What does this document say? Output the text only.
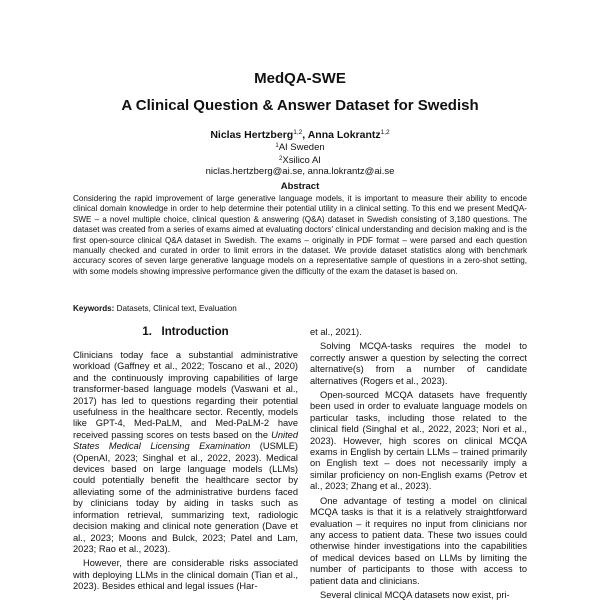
MedQA-SWE
A Clinical Question & Answer Dataset for Swedish
Niclas Hertzberg$^{1,2}$, Anna Lokrantz$^{1,2}$
$^1$AI Sweden
$^2$Xsilico AI
niclas.hertzberg@ai.se, anna.lokrantz@ai.se
Abstract
Considering the rapid improvement of large generative language models, it is important to measure their ability to encode clinical domain knowledge in order to help determine their potential utility in a clinical setting. To this end we present MedQA-SWE – a novel multiple choice, clinical question & answering (Q&A) dataset in Swedish consisting of 3,180 questions. The dataset was created from a series of exams aimed at evaluating doctors' clinical understanding and decision making and is the first open-source clinical Q&A dataset in Swedish. The exams – originally in PDF format – were parsed and each question manually checked and curated in order to limit errors in the dataset. We provide dataset statistics along with benchmark accuracy scores of seven large generative language models on a representative sample of questions in a zero-shot setting, with some models showing impressive performance given the difficulty of the exam the dataset is based on.
Keywords: Datasets, Clinical text, Evaluation
1. Introduction

Clinicians today face a substantial administrative workload (Gaffney et al., 2022; Toscano et al., 2020) and the continuously improving capabilities of large transformer-based language models (Vaswani et al., 2017) has led to questions regarding their potential usefulness in the healthcare sector. Recently, models like GPT-4, Med-PaLM, and Med-PaLM-2 have received passing scores on tests based on the United States Medical Licensing Examination (USMLE) (OpenAI, 2023; Singhal et al., 2022, 2023). Medical devices based on large language models (LLMs) could potentially benefit the healthcare sector by alleviating some of the administrative burdens faced by clinicians today by aiding in tasks such as information retrieval, summarizing text, radiologic decision making and clinical note generation (Dave et al., 2023; Moons and Bulck, 2023; Patel and Lam, 2023; Rao et al., 2023).

However, there are considerable risks associated with deploying LLMs in the clinical domain (Tian et al., 2023). Besides ethical and legal issues (Har-

et al., 2021).

Solving MCQA-tasks requires the model to correctly answer a question by selecting the correct alternative(s) from a number of candidate alternatives (Rogers et al., 2023).

Open-sourced MCQA datasets have frequently been used in order to evaluate language models on particular tasks, including those related to the clinical field (Singhal et al., 2022, 2023; Nori et al., 2023). However, high scores on clinical MCQA exams in English by certain LLMs – trained primarily on English text – does not necessarily imply a similar proficiency on non-English exams (Petrov et al., 2023; Zhang et al., 2023).

One advantage of testing a model on clinical MCQA tasks is that it is a relatively straightforward evaluation – it requires no input from clinicians nor any access to patient data. These two issues could otherwise hinder investigations into the capabilities of medical devices based on LLMs by limiting the number of participants to those with access to patient data and clinicians.

Several clinical MCQA datasets now exist, pri-
